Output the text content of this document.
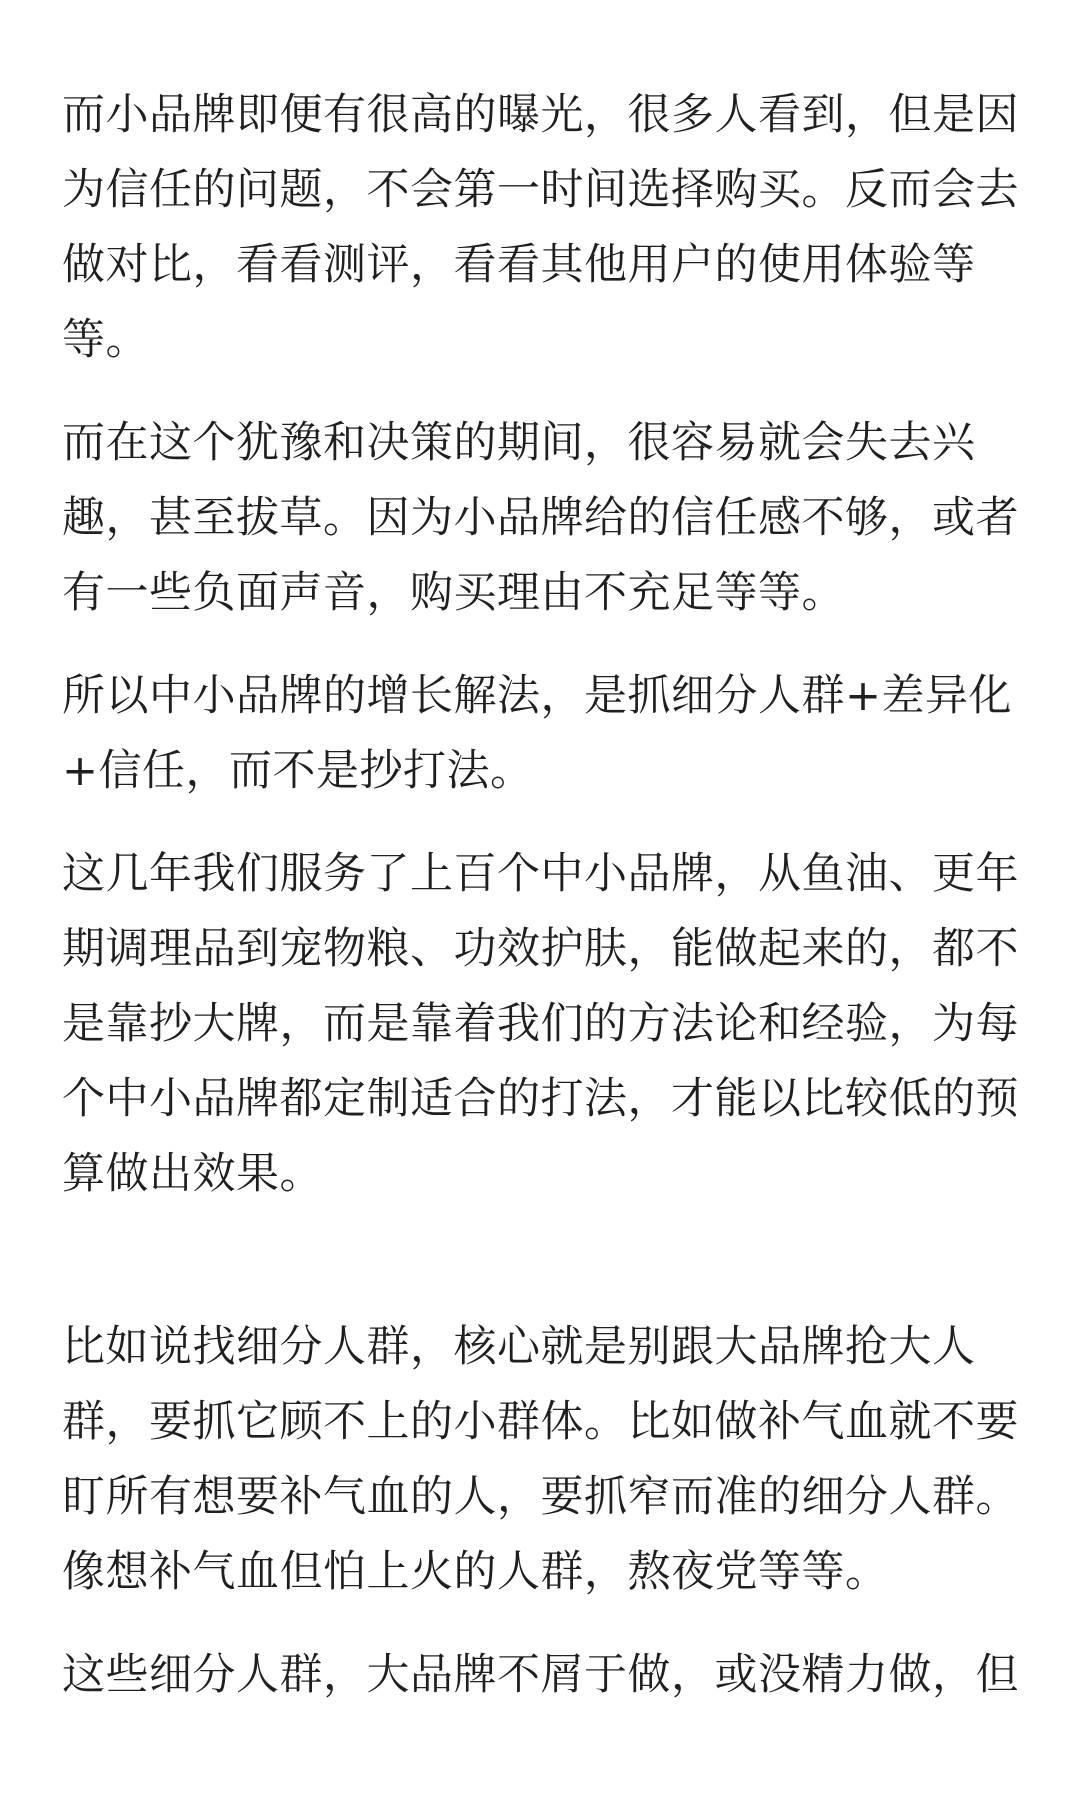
而小品牌即便有很高的曝光，很多人看到，但是因
为信任的问题，不会第一时间选择购买。反而会去
做对比，看看测评，看看其他用户的使用体验等
等。
而在这个犹豫和决策的期间，很容易就会失去兴
趣，甚至拔草。因为小品牌给的信任感不够，或者
有一些负面声音，购买理由不充足等等。
所以中小品牌的增长解法，是抓细分人群+差异化
+信任，而不是抄打法。
这几年我们服务了上百个中小品牌，从鱼油、更年
期调理品到宠物粮、功效护肤，能做起来的，都不
是靠抄大牌，而是靠着我们的方法论和经验，为每
个中小品牌都定制适合的打法，才能以比较低的预
算做出效果。
比如说找细分人群，核心就是别跟大品牌抢大人
群，要抓它顾不上的小群体。比如做补气血就不要
盯所有想要补气血的人，要抓窄而准的细分人群。
像想补气血但怕上火的人群，熬夜党等等。
这些细分人群，大品牌不屑于做，或没精力做，但
